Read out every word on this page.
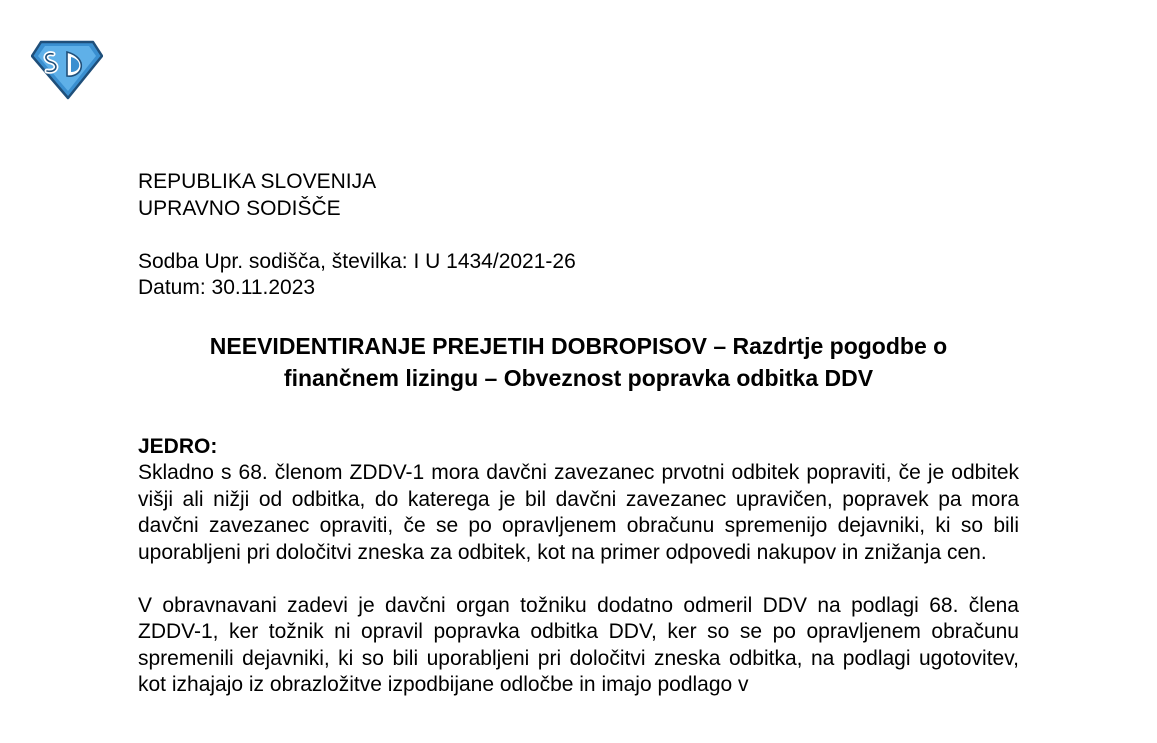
REPUBLIKA SLOVENIJA

UPRAVNO SODIŠČE

Sodba Upr. sodišča, številka: I U 1434/2021-26

Datum: 30.11.2023

NEEVIDENTIRANJE PREJETIH DOBROPISOV – Razdrtje pogodbe o
finančnem lizingu – Obveznost popravka odbitka DDV

JEDRO:

Skladno s 68. členom ZDDV-1 mora davčni zavezanec prvotni odbitek popraviti, če je odbitek višji ali nižji od odbitka, do katerega je bil davčni zavezanec upravičen, popravek pa mora davčni zavezanec opraviti, če se po opravljenem obračunu spremenijo dejavniki, ki so bili uporabljeni pri določitvi zneska za odbitek, kot na primer odpovedi nakupov in znižanja cen.

V obravnavani zadevi je davčni organ tožniku dodatno odmeril DDV na podlagi 68. člena ZDDV-1, ker tožnik ni opravil popravka odbitka DDV, ker so se po opravljenem obračunu spremenili dejavniki, ki so bili uporabljeni pri določitvi zneska odbitka, na podlagi ugotovitev, kot izhajajo iz obrazložitve izpodbijane odločbe in imajo podlago v
